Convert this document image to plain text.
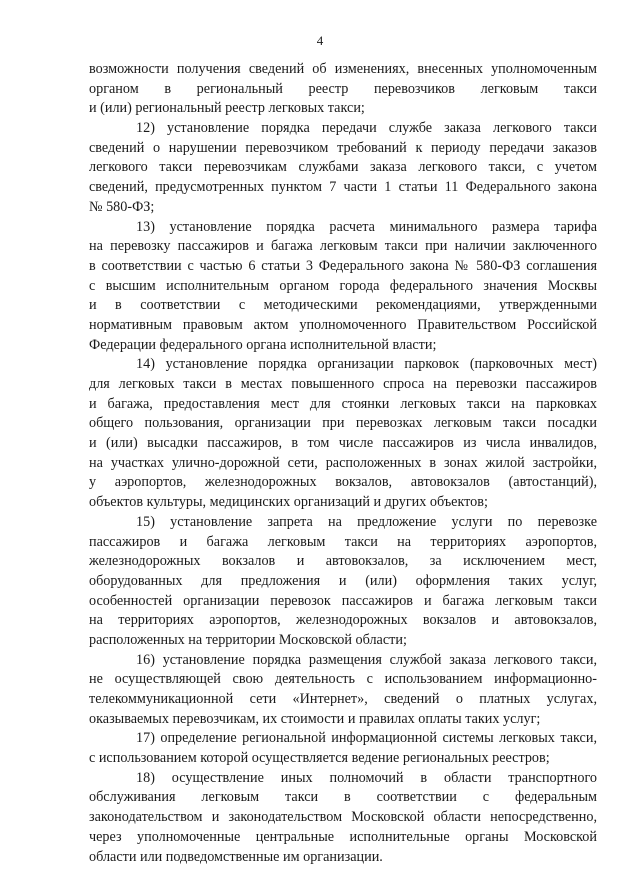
4
возможности получения сведений об изменениях, внесенных уполномоченным
органом в региональный реестр перевозчиков легковым такси
и (или) региональный реестр легковых такси;
12) установление порядка передачи службе заказа легкового такси
сведений о нарушении перевозчиком требований к периоду передачи заказов
легкового такси перевозчикам службами заказа легкового такси, с учетом
сведений, предусмотренных пунктом 7 части 1 статьи 11 Федерального закона
№ 580-ФЗ;
13) установление порядка расчета минимального размера тарифа
на перевозку пассажиров и багажа легковым такси при наличии заключенного
в соответствии с частью 6 статьи 3 Федерального закона № 580-ФЗ соглашения
с высшим исполнительным органом города федерального значения Москвы
и в соответствии с методическими рекомендациями, утвержденными
нормативным правовым актом уполномоченного Правительством Российской
Федерации федерального органа исполнительной власти;
14) установление порядка организации парковок (парковочных мест)
для легковых такси в местах повышенного спроса на перевозки пассажиров
и багажа, предоставления мест для стоянки легковых такси на парковках
общего пользования, организации при перевозках легковым такси посадки
и (или) высадки пассажиров, в том числе пассажиров из числа инвалидов,
на участках улично-дорожной сети, расположенных в зонах жилой застройки,
у аэропортов, железнодорожных вокзалов, автовокзалов (автостанций),
объектов культуры, медицинских организаций и других объектов;
15) установление запрета на предложение услуги по перевозке
пассажиров и багажа легковым такси на территориях аэропортов,
железнодорожных вокзалов и автовокзалов, за исключением мест,
оборудованных для предложения и (или) оформления таких услуг,
особенностей организации перевозок пассажиров и багажа легковым такси
на территориях аэропортов, железнодорожных вокзалов и автовокзалов,
расположенных на территории Московской области;
16) установление порядка размещения службой заказа легкового такси,
не осуществляющей свою деятельность с использованием информационно-
телекоммуникационной сети «Интернет», сведений о платных услугах,
оказываемых перевозчикам, их стоимости и правилах оплаты таких услуг;
17) определение региональной информационной системы легковых такси,
с использованием которой осуществляется ведение региональных реестров;
18) осуществление иных полномочий в области транспортного
обслуживания легковым такси в соответствии с федеральным
законодательством и законодательством Московской области непосредственно,
через уполномоченные центральные исполнительные органы Московской
области или подведомственные им организации.
